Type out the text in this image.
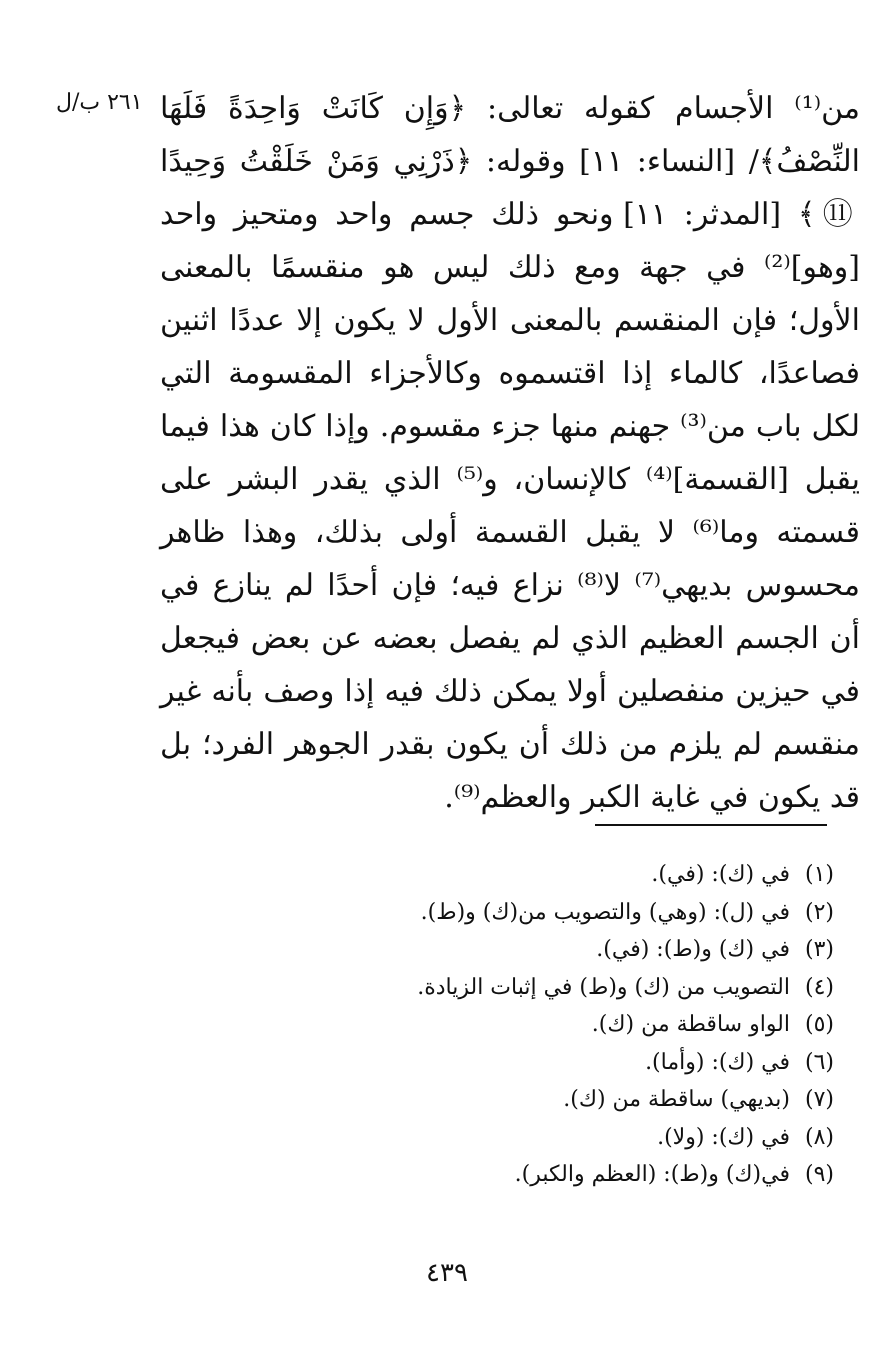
٢٦١ ب/ل من⁽¹⁾ الأجسام كقوله تعالى: ﴿وَإِن كَانَتْ وَاحِدَةً فَلَهَا النِّصْفُ﴾/ [النساء: ١١] وقوله: ﴿ذَرْنِي وَمَنْ خَلَقْتُ وَحِيدًا ⑪﴾ [المدثر: ١١] ونحو ذلك جسم واحد ومتحيز واحد [وهو]⁽²⁾ في جهة ومع ذلك ليس هو منقسمًا بالمعنى الأول؛ فإن المنقسم بالمعنى الأول لا يكون إلا عددًا اثنين فصاعدًا، كالماء إذا اقتسموه وكالأجزاء المقسومة التي لكل باب من⁽³⁾ جهنم منها جزء مقسوم. وإذا كان هذا فيما يقبل [القسمة]⁽⁴⁾ كالإنسان، و⁽⁵⁾ الذي يقدر البشر على قسمته وما⁽⁶⁾ لا يقبل القسمة أولى بذلك، وهذا ظاهر محسوس بديهي⁽⁷⁾ لا⁽⁸⁾ نزاع فيه؛ فإن أحدًا لم ينازع في أن الجسم العظيم الذي لم يفصل بعضه عن بعض فيجعل في حيزين منفصلين أولا يمكن ذلك فيه إذا وصف بأنه غير منقسم لم يلزم من ذلك أن يكون بقدر الجوهر الفرد؛ بل قد يكون في غاية الكبر والعظم⁽⁹⁾.

(١)
في (ك): (في).
(٢)
في (ل): (وهي) والتصويب من(ك) و(ط).
(٣)
في (ك) و(ط): (في).
(٤)
التصويب من (ك) و(ط) في إثبات الزيادة.
(٥)
الواو ساقطة من (ك).
(٦)
في (ك): (وأما).
(٧)
(بديهي) ساقطة من (ك).
(٨)
في (ك): (ولا).
(٩)
في(ك) و(ط): (العظم والكبر).
٤٣٩
